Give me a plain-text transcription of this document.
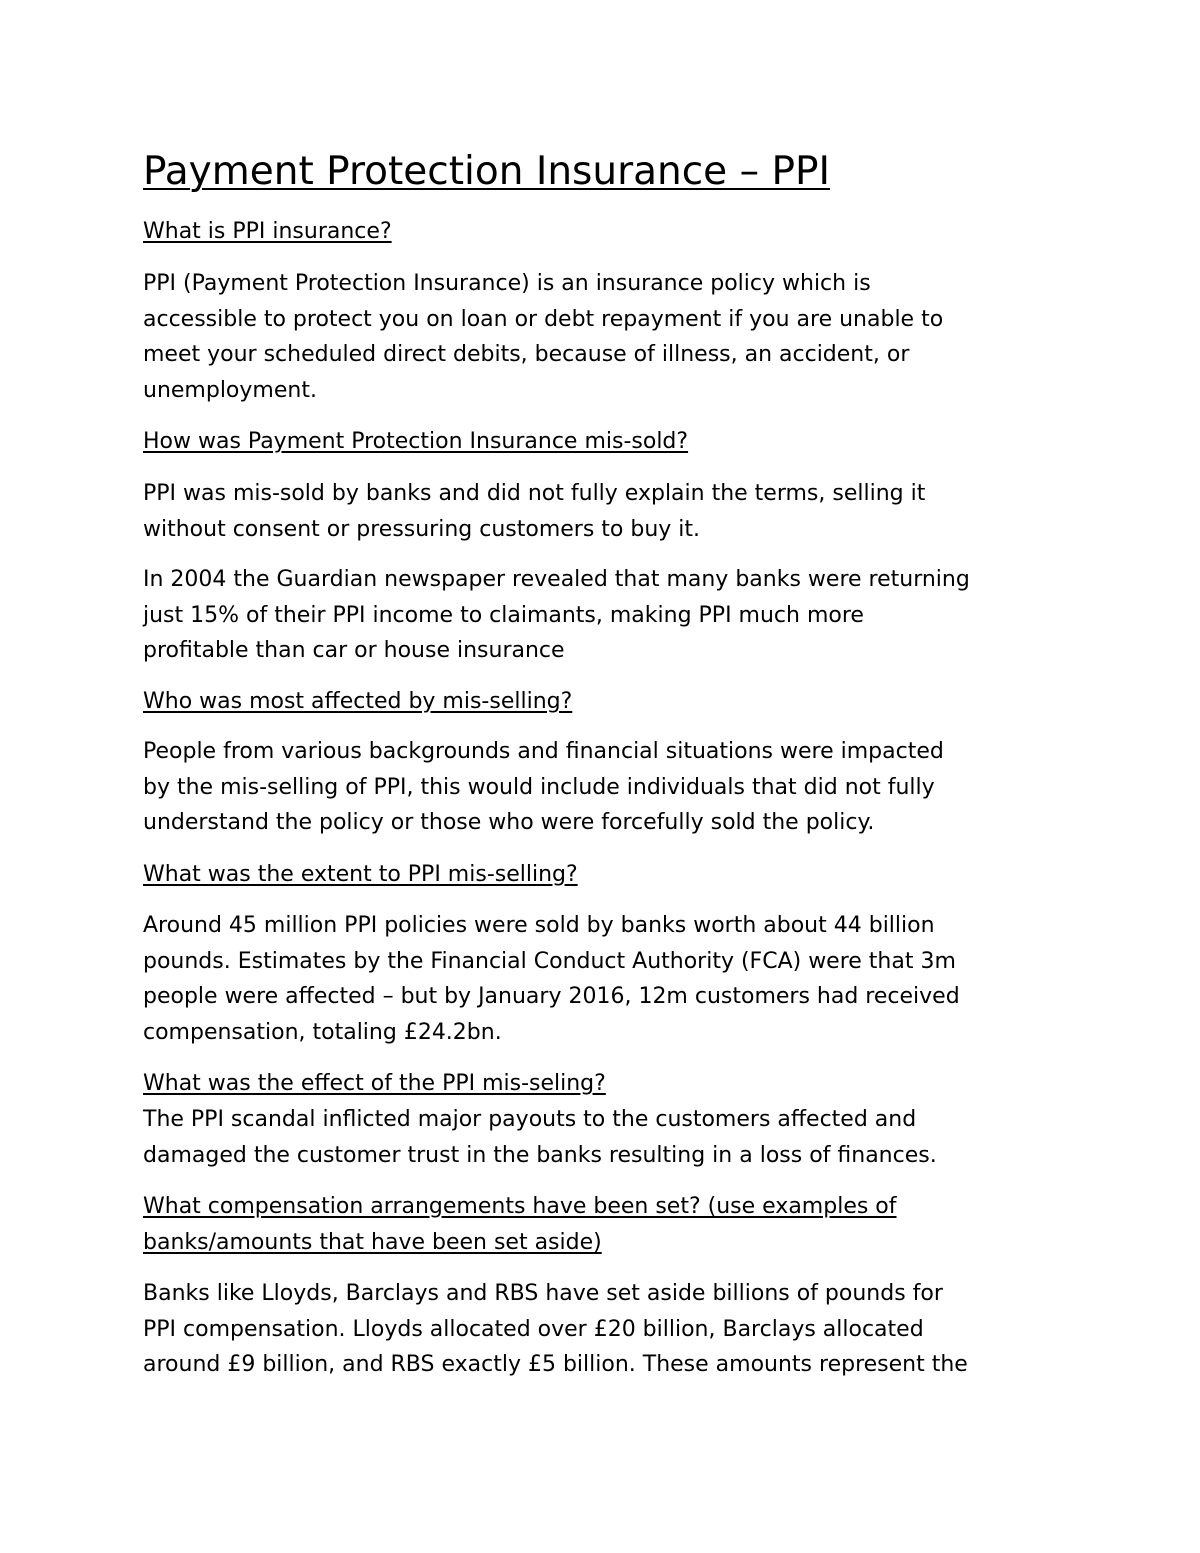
Payment Protection Insurance – PPI
What is PPI insurance?

PPI (Payment Protection Insurance) is an insurance policy which is
accessible to protect you on loan or debt repayment if you are unable to
meet your scheduled direct debits, because of illness, an accident, or
unemployment.

How was Payment Protection Insurance mis-sold?

PPI was mis-sold by banks and did not fully explain the terms, selling it
without consent or pressuring customers to buy it.

In 2004 the Guardian newspaper revealed that many banks were returning
just 15% of their PPI income to claimants, making PPI much more
profitable than car or house insurance

Who was most affected by mis-selling?

People from various backgrounds and financial situations were impacted
by the mis-selling of PPI, this would include individuals that did not fully
understand the policy or those who were forcefully sold the policy.

What was the extent to PPI mis-selling?

Around 45 million PPI policies were sold by banks worth about 44 billion
pounds. Estimates by the Financial Conduct Authority (FCA) were that 3m
people were affected – but by January 2016, 12m customers had received
compensation, totaling £24.2bn.

What was the effect of the PPI mis-seling?

The PPI scandal inflicted major payouts to the customers affected and
damaged the customer trust in the banks resulting in a loss of finances.

What compensation arrangements have been set? (use examples of
banks/amounts that have been set aside)

Banks like Lloyds, Barclays and RBS have set aside billions of pounds for
PPI compensation. Lloyds allocated over £20 billion, Barclays allocated
around £9 billion, and RBS exactly £5 billion. These amounts represent the
